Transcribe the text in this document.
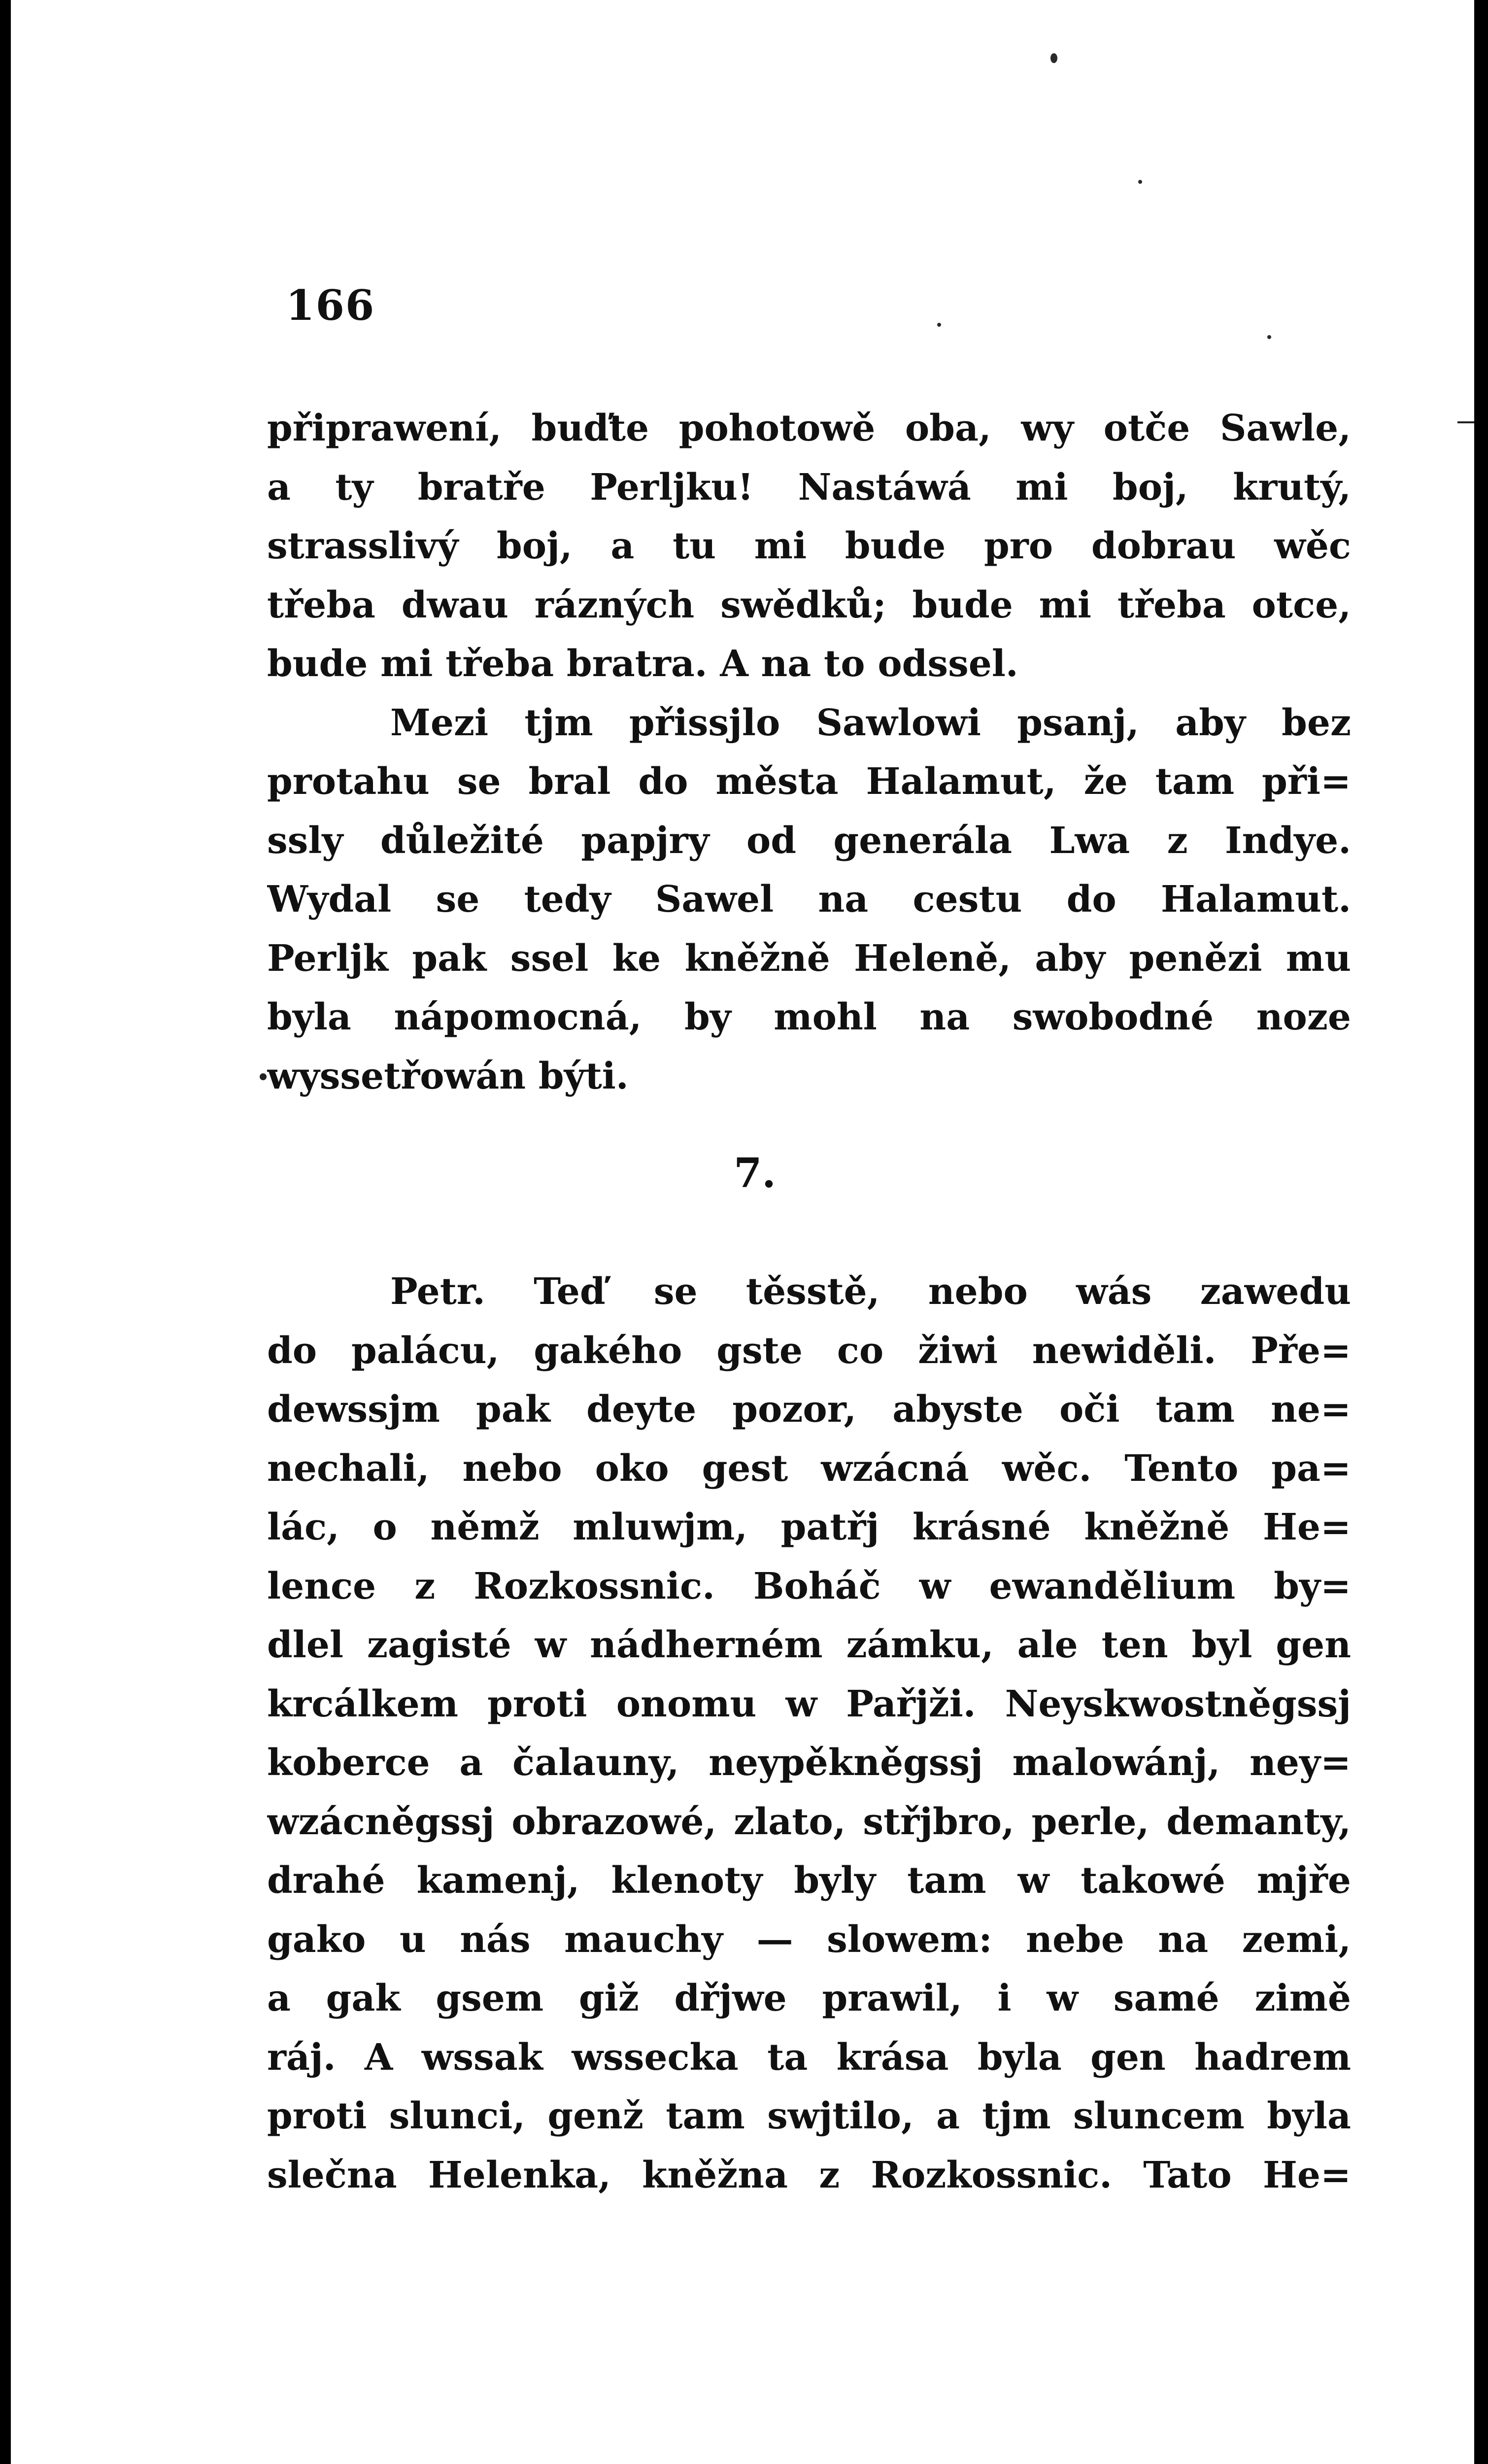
166
připrawení, buďte pohotowě oba, wy otče Sawle,
a ty bratře Perljku! Nastáwá mi boj, krutý,
strasslivý boj, a tu mi bude pro dobrau wěc
třeba dwau rázných swědků; bude mi třeba otce,
bude mi třeba bratra. A na to odssel.
Mezi tjm přissjlo Sawlowi psanj, aby bez
protahu se bral do města Halamut, že tam při=
ssly důležité papjry od generála Lwa z Indye.
Wydal se tedy Sawel na cestu do Halamut.
Perljk pak ssel ke kněžně Heleně, aby penězi mu
byla nápomocná, by mohl na swobodné noze
wyssetřowán býti.
7.
Petr. Teď se těsstě, nebo wás zawedu
do palácu, gakého gste co žiwi newiděli. Pře=
dewssjm pak deyte pozor, abyste oči tam ne=
nechali, nebo oko gest wzácná wěc. Tento pa=
lác, o němž mluwjm, patřj krásné kněžně He=
lence z Rozkossnic. Boháč w ewandělium by=
dlel zagisté w nádherném zámku, ale ten byl gen
krcálkem proti onomu w Pařjži. Neyskwostněgssj
koberce a čalauny, neypěkněgssj malowánj, ney=
wzácněgssj obrazowé, zlato, střjbro, perle, demanty,
drahé kamenj, klenoty byly tam w takowé mjře
gako u nás mauchy — slowem: nebe na zemi,
a gak gsem giž dřjwe prawil, i w samé zimě
ráj. A wssak wssecka ta krása byla gen hadrem
proti slunci, genž tam swjtilo, a tjm sluncem byla
slečna Helenka, kněžna z Rozkossnic. Tato He=
